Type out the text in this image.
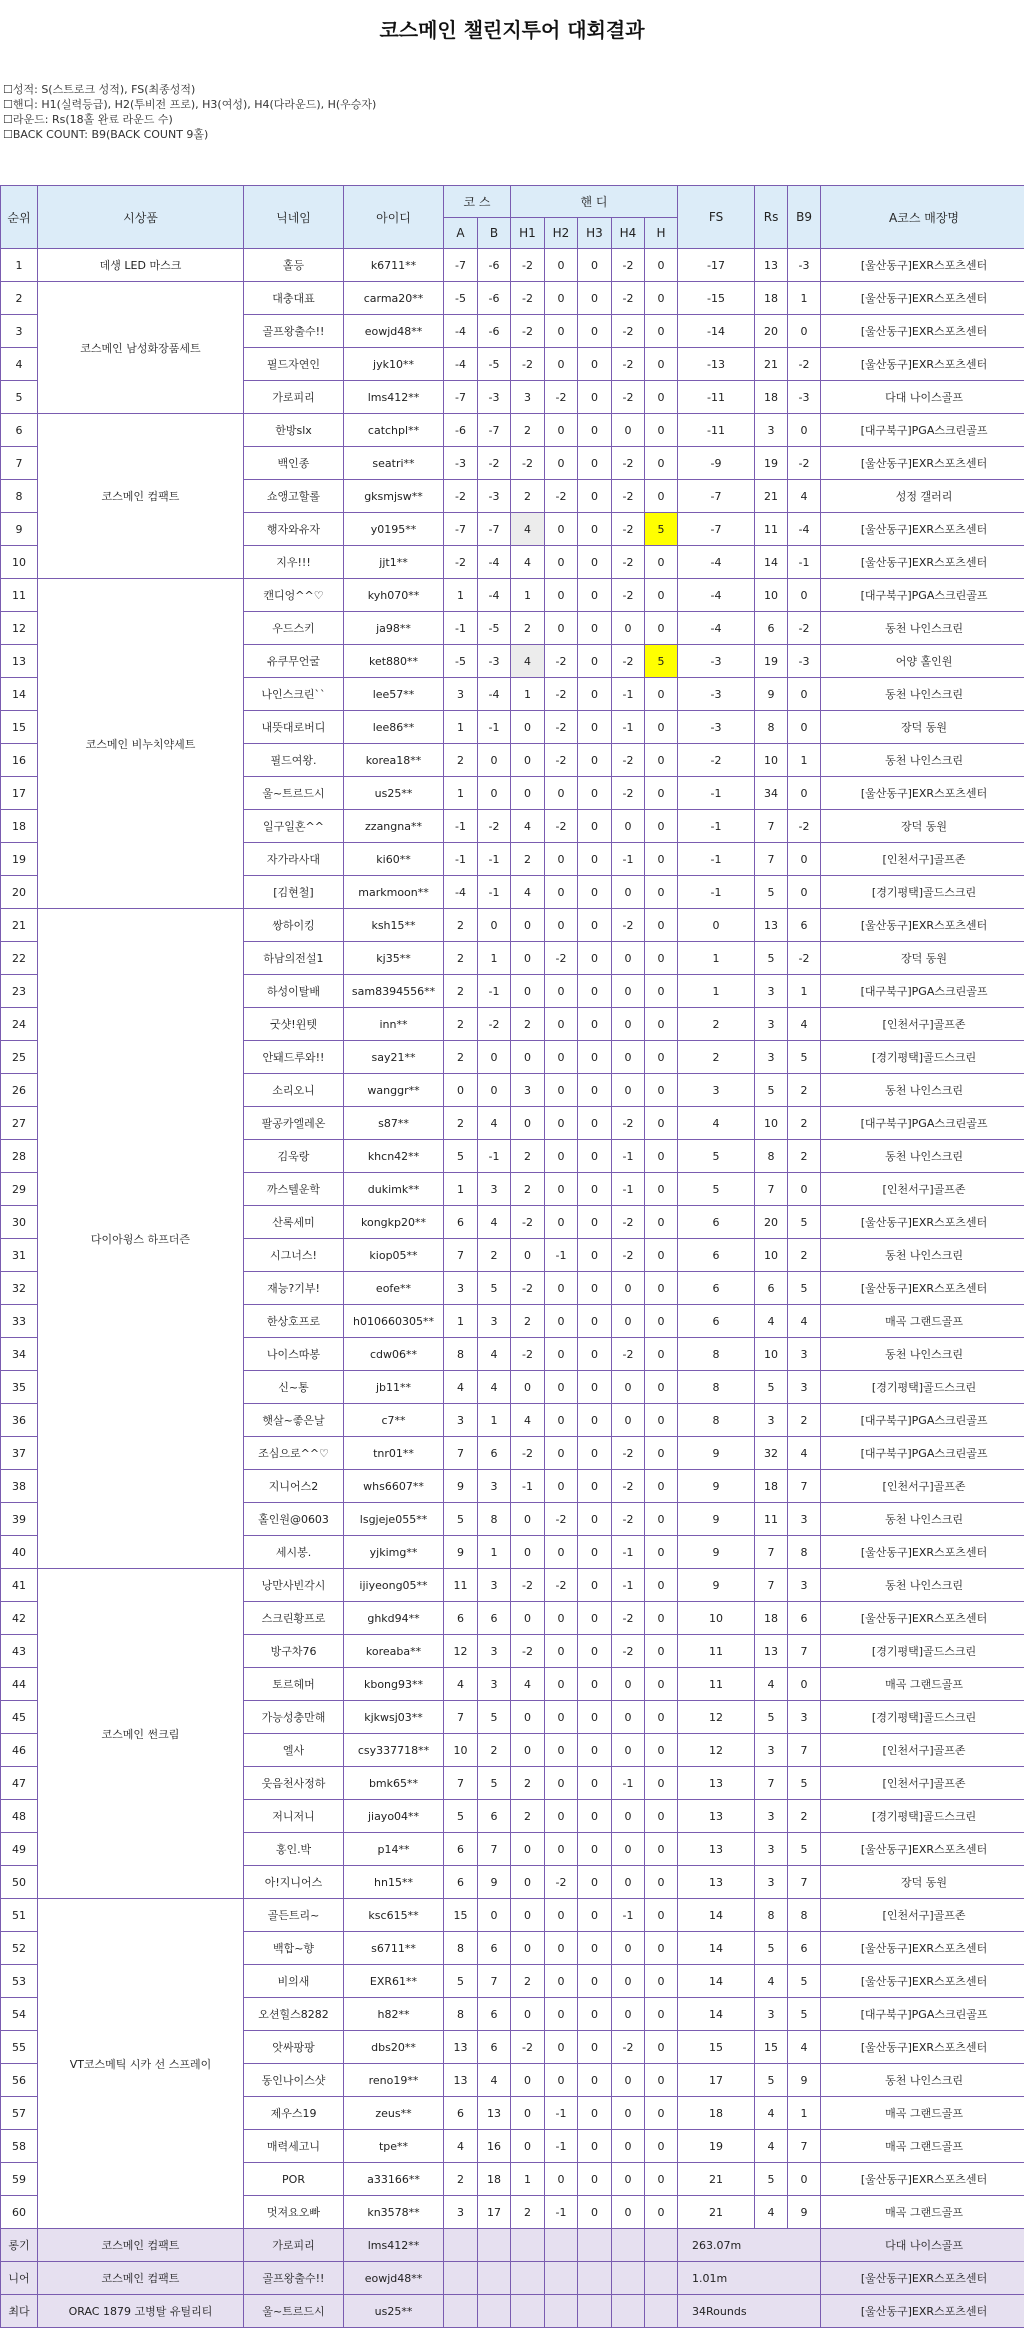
코스메인 챌린지투어 대회결과
☐ 성적: S(스트로크 성적), FS(최종성적)
☐ 핸디: H1(실력등급), H2(투비전 프로), H3(여성), H4(다라운드), H(우승자)
☐ 라운드: Rs(18홀 완료 라운드 수)
☐ BACK COUNT: B9(BACK COUNT 9홀)
순위	시상품	닉네임	아이디	코 스		핸 디					FS	Rs	B9	A코스 매장명
				A	B	H1	H2	H3	H4	H				
1	데생 LED 마스크	홀등	k6711**	-7	-6	-2	0	0	-2	0	-17	13	-3	[울산동구]EXR스포츠센터
2	코스메인 남성화장품세트	대충대표	carma20**	-5	-6	-2	0	0	-2	0	-15	18	1	[울산동구]EXR스포츠센터
3		골프왕출수!!	eowjd48**	-4	-6	-2	0	0	-2	0	-14	20	0	[울산동구]EXR스포츠센터
4		필드자연인	jyk10**	-4	-5	-2	0	0	-2	0	-13	21	-2	[울산동구]EXR스포츠센터
5		가로피리	lms412**	-7	-3	3	-2	0	-2	0	-11	18	-3	다대 나이스골프
6	코스메인 컴팩트	한방slx	catchpl**	-6	-7	2	0	0	0	0	-11	3	0	[대구북구]PGA스크린골프
7		백인종	seatri**	-3	-2	-2	0	0	-2	0	-9	19	-2	[울산동구]EXR스포츠센터
8		쇼앵고할롤	gksmjsw**	-2	-3	2	-2	0	-2	0	-7	21	4	성정 갤러리
9		행자와유자	y0195**	-7	-7	4	0	0	-2	5	-7	11	-4	[울산동구]EXR스포츠센터
10		지우!!!	jjt1**	-2	-4	4	0	0	-2	0	-4	14	-1	[울산동구]EXR스포츠센터
11	코스메인 비누치약세트	캔디엉^^♡	kyh070**	1	-4	1	0	0	-2	0	-4	10	0	[대구북구]PGA스크린골프
12		우드스키	ja98**	-1	-5	2	0	0	0	0	-4	6	-2	동천 나인스크린
13		유쿠무언굴	ket880**	-5	-3	4	-2	0	-2	5	-3	19	-3	어양 홀인원
14		나인스크린``	lee57**	3	-4	1	-2	0	-1	0	-3	9	0	동천 나인스크린
15		내뜻대로버디	lee86**	1	-1	0	-2	0	-1	0	-3	8	0	장덕 동원
16		필드여왕.	korea18**	2	0	0	-2	0	-2	0	-2	10	1	동천 나인스크린
17		울~트르드시	us25**	1	0	0	0	0	-2	0	-1	34	0	[울산동구]EXR스포츠센터
18		일구일혼^^	zzangna**	-1	-2	4	-2	0	0	0	-1	7	-2	장덕 동원
19		자가라사대	ki60**	-1	-1	2	0	0	-1	0	-1	7	0	[인천서구]골프존
20		[김현철]	markmoon**	-4	-1	4	0	0	0	0	-1	5	0	[경기평택]골드스크린
21	다이아윙스 하프더즌	쌍하이킹	ksh15**	2	0	0	0	0	-2	0	0	13	6	[울산동구]EXR스포츠센터
22		하남의전설1	kj35**	2	1	0	-2	0	0	0	1	5	-2	장덕 동원
23		하성이탈배	sam8394556**	2	-1	0	0	0	0	0	1	3	1	[대구북구]PGA스크린골프
24		굿샷!윈텟	inn**	2	-2	2	0	0	0	0	2	3	4	[인천서구]골프존
25		안돼드루와!!	say21**	2	0	0	0	0	0	0	2	3	5	[경기평택]골드스크린
26		소리오니	wanggr**	0	0	3	0	0	0	0	3	5	2	동천 나인스크린
27		팔공카엘레온	s87**	2	4	0	0	0	-2	0	4	10	2	[대구북구]PGA스크린골프
28		김욱랑	khcn42**	5	-1	2	0	0	-1	0	5	8	2	동천 나인스크린
29		까스텔운학	dukimk**	1	3	2	0	0	-1	0	5	7	0	[인천서구]골프존
30		산록세미	kongkp20**	6	4	-2	0	0	-2	0	6	20	5	[울산동구]EXR스포츠센터
31		시그너스!	kiop05**	7	2	0	-1	0	-2	0	6	10	2	동천 나인스크린
32		재능?기부!	eofe**	3	5	-2	0	0	0	0	6	6	5	[울산동구]EXR스포츠센터
33		한상호프로	h010660305**	1	3	2	0	0	0	0	6	4	4	매곡 그랜드골프
34		나이스따봉	cdw06**	8	4	-2	0	0	-2	0	8	10	3	동천 나인스크린
35		신~통	jb11**	4	4	0	0	0	0	0	8	5	3	[경기평택]골드스크린
36		햇살~좋은날	c7**	3	1	4	0	0	0	0	8	3	2	[대구북구]PGA스크린골프
37		조심으로^^♡	tnr01**	7	6	-2	0	0	-2	0	9	32	4	[대구북구]PGA스크린골프
38		지니어스2	whs6607**	9	3	-1	0	0	-2	0	9	18	7	[인천서구]골프존
39		홀인원@0603	lsgjeje055**	5	8	0	-2	0	-2	0	9	11	3	동천 나인스크린
40		세시봉.	yjkimg**	9	1	0	0	0	-1	0	9	7	8	[울산동구]EXR스포츠센터
41	코스메인 썬크림	낭만사빈각시	ijiyeong05**	11	3	-2	-2	0	-1	0	9	7	3	동천 나인스크린
42		스크린황프로	ghkd94**	6	6	0	0	0	-2	0	10	18	6	[울산동구]EXR스포츠센터
43		방구차76	koreaba**	12	3	-2	0	0	-2	0	11	13	7	[경기평택]골드스크린
44		토르헤머	kbong93**	4	3	4	0	0	0	0	11	4	0	매곡 그랜드골프
45		가능성충만해	kjkwsj03**	7	5	0	0	0	0	0	12	5	3	[경기평택]골드스크린
46		엘사	csy337718**	10	2	0	0	0	0	0	12	3	7	[인천서구]골프존
47		웃음천사정하	bmk65**	7	5	2	0	0	-1	0	13	7	5	[인천서구]골프존
48		저니저니	jiayo04**	5	6	2	0	0	0	0	13	3	2	[경기평택]골드스크린
49		홍인.박	p14**	6	7	0	0	0	0	0	13	3	5	[울산동구]EXR스포츠센터
50		아!지니어스	hn15**	6	9	0	-2	0	0	0	13	3	7	장덕 동원
51	VT코스메틱 시카 선 스프레이	골든트리~	ksc615**	15	0	0	0	0	-1	0	14	8	8	[인천서구]골프존
52		백합~향	s6711**	8	6	0	0	0	0	0	14	5	6	[울산동구]EXR스포츠센터
53		비의새	EXR61**	5	7	2	0	0	0	0	14	4	5	[울산동구]EXR스포츠센터
54		오션힐스8282	h82**	8	6	0	0	0	0	0	14	3	5	[대구북구]PGA스크린골프
55		앗싸팡팡	dbs20**	13	6	-2	0	0	-2	0	15	15	4	[울산동구]EXR스포츠센터
56		동인나이스샷	reno19**	13	4	0	0	0	0	0	17	5	9	동천 나인스크린
57		제우스19	zeus**	6	13	0	-1	0	0	0	18	4	1	매곡 그랜드골프
58		매력세고니	tpe**	4	16	0	-1	0	0	0	19	4	7	매곡 그랜드골프
59		POR	a33166**	2	18	1	0	0	0	0	21	5	0	[울산동구]EXR스포츠센터
60		멋져요오빠	kn3578**	3	17	2	-1	0	0	0	21	4	9	매곡 그랜드골프
롱기	코스메인 컴팩트	가로피리	lms412**								263.07m			다대 나이스골프
니어	코스메인 컴팩트	골프왕출수!!	eowjd48**								1.01m			[울산동구]EXR스포츠센터
최다	ORAC 1879 고병탈 유틸리티	울~트르드시	us25**								34Rounds			[울산동구]EXR스포츠센터
